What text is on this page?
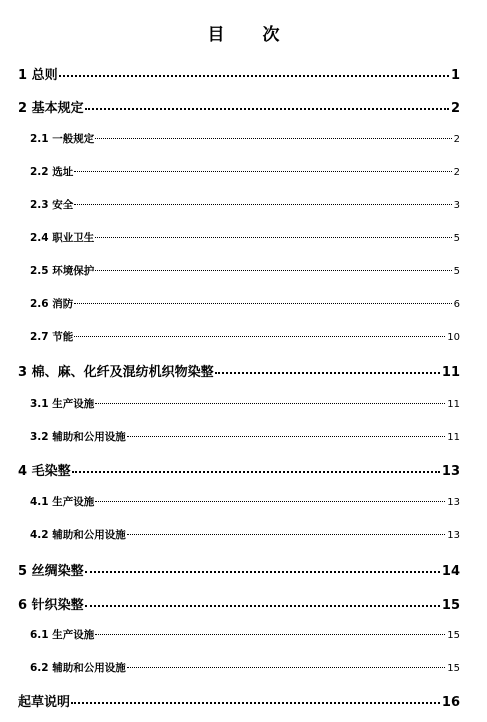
目 次
1 总则	1
2 基本规定	2
2.1 一般规定	2
2.2 选址	2
2.3 安全	3
2.4 职业卫生	5
2.5 环境保护	5
2.6 消防	6
2.7 节能	10
3 棉、麻、化纤及混纺机织物染整	11
3.1 生产设施	11
3.2 辅助和公用设施	11
4 毛染整	13
4.1 生产设施	13
4.2 辅助和公用设施	13
5 丝绸染整	14
6 针织染整	15
6.1 生产设施	15
6.2 辅助和公用设施	15
起草说明	16
